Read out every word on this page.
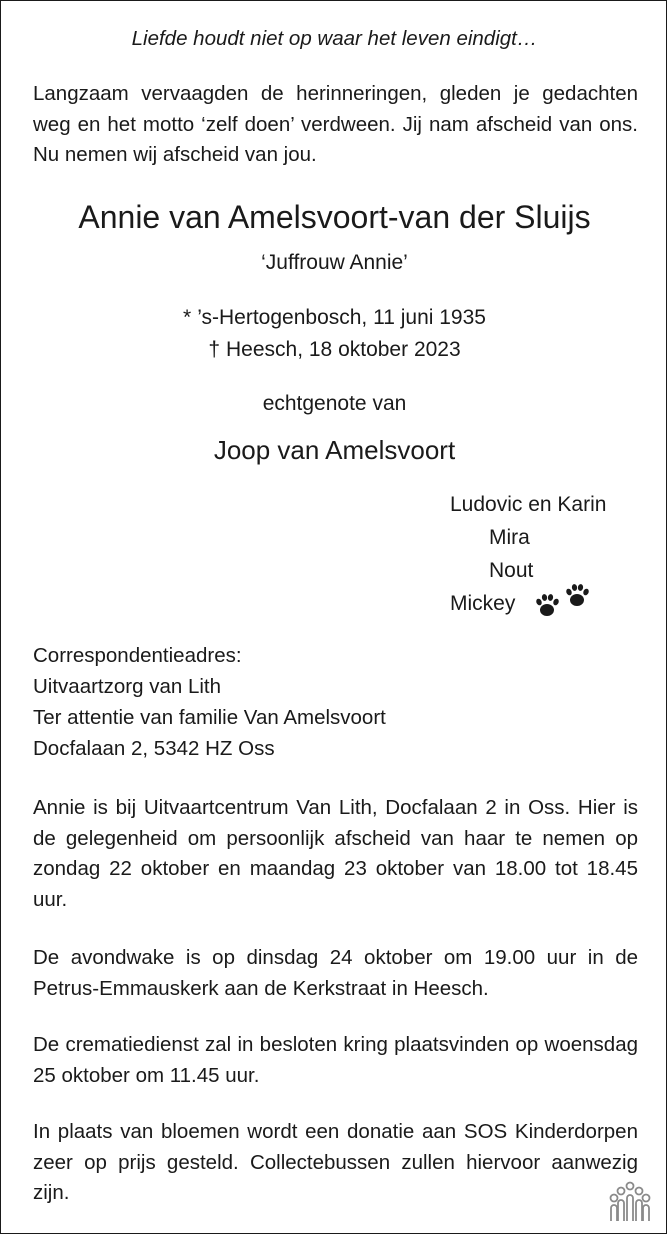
Liefde houdt niet op waar het leven eindigt…

Langzaam vervaagden de herinneringen, gleden je gedachten weg en het motto ‘zelf doen’ verdween. Jij nam afscheid van ons. Nu nemen wij afscheid van jou.

Annie van Amelsvoort-van der Sluijs

‘Juffrouw Annie’

* ’s-Hertogenbosch, 11 juni 1935

† Heesch, 18 oktober 2023

echtgenote van

Joop van Amelsvoort

Ludovic en Karin

Mira

Nout

Mickey

Correspondentieadres:

Uitvaartzorg van Lith

Ter attentie van familie Van Amelsvoort

Docfalaan 2, 5342 HZ Oss

Annie is bij Uitvaartcentrum Van Lith, Docfalaan 2 in Oss. Hier is de gelegenheid om persoonlijk afscheid van haar te nemen op zondag 22 oktober en maandag 23 oktober van 18.00 tot 18.45 uur.

De avondwake is op dinsdag 24 oktober om 19.00 uur in de Petrus-Emmauskerk aan de Kerkstraat in Heesch.

De crematiedienst zal in besloten kring plaatsvinden op woensdag 25 oktober om 11.45 uur.

In plaats van bloemen wordt een donatie aan SOS Kinderdorpen zeer op prijs gesteld. Collectebussen zullen hiervoor aanwezig zijn.
